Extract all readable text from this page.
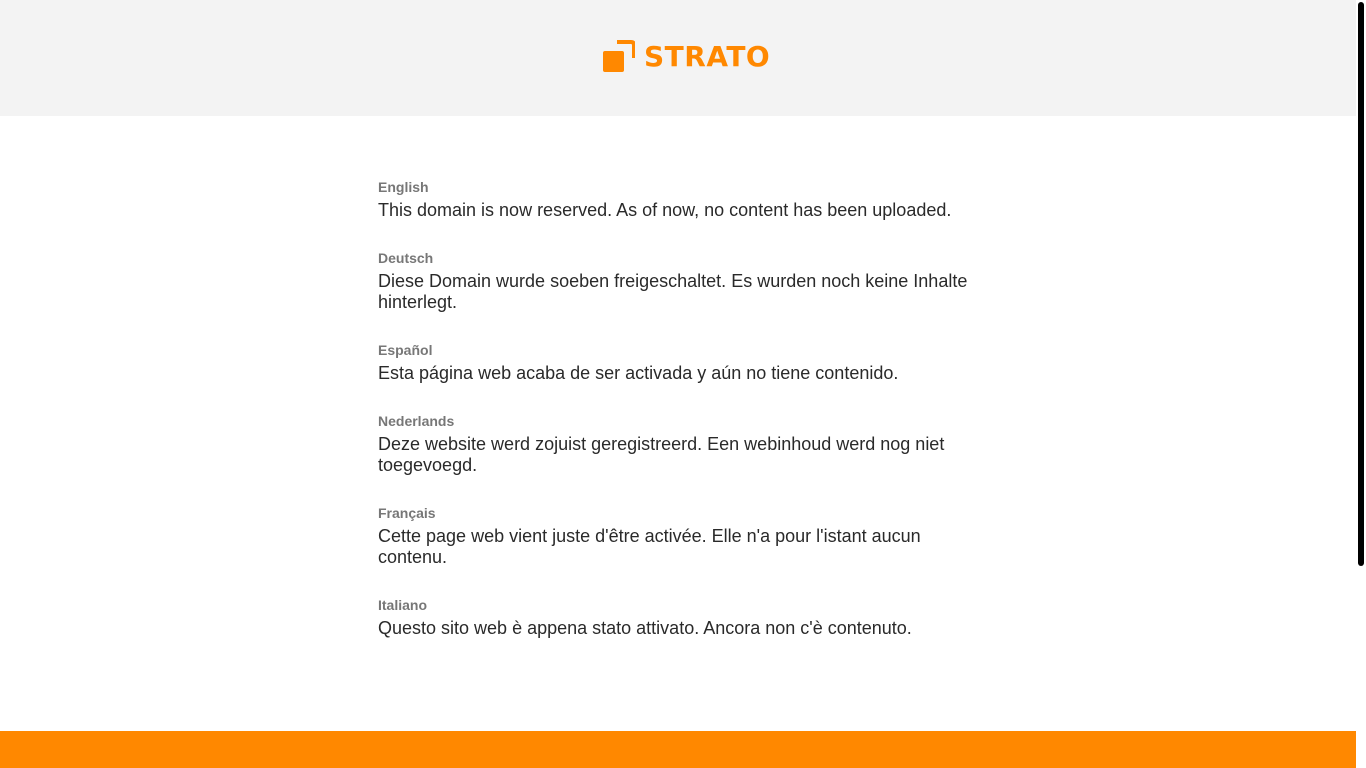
STRATO
English
This domain is now reserved. As of now, no content has been uploaded.
Deutsch
Diese Domain wurde soeben freigeschaltet. Es wurden noch keine Inhalte hinterlegt.
Español
Esta página web acaba de ser activada y aún no tiene contenido.
Nederlands
Deze website werd zojuist geregistreerd. Een webinhoud werd nog niet toegevoegd.
Français
Cette page web vient juste d'être activée. Elle n'a pour l'istant aucun contenu.
Italiano
Questo sito web è appena stato attivato. Ancora non c'è contenuto.
